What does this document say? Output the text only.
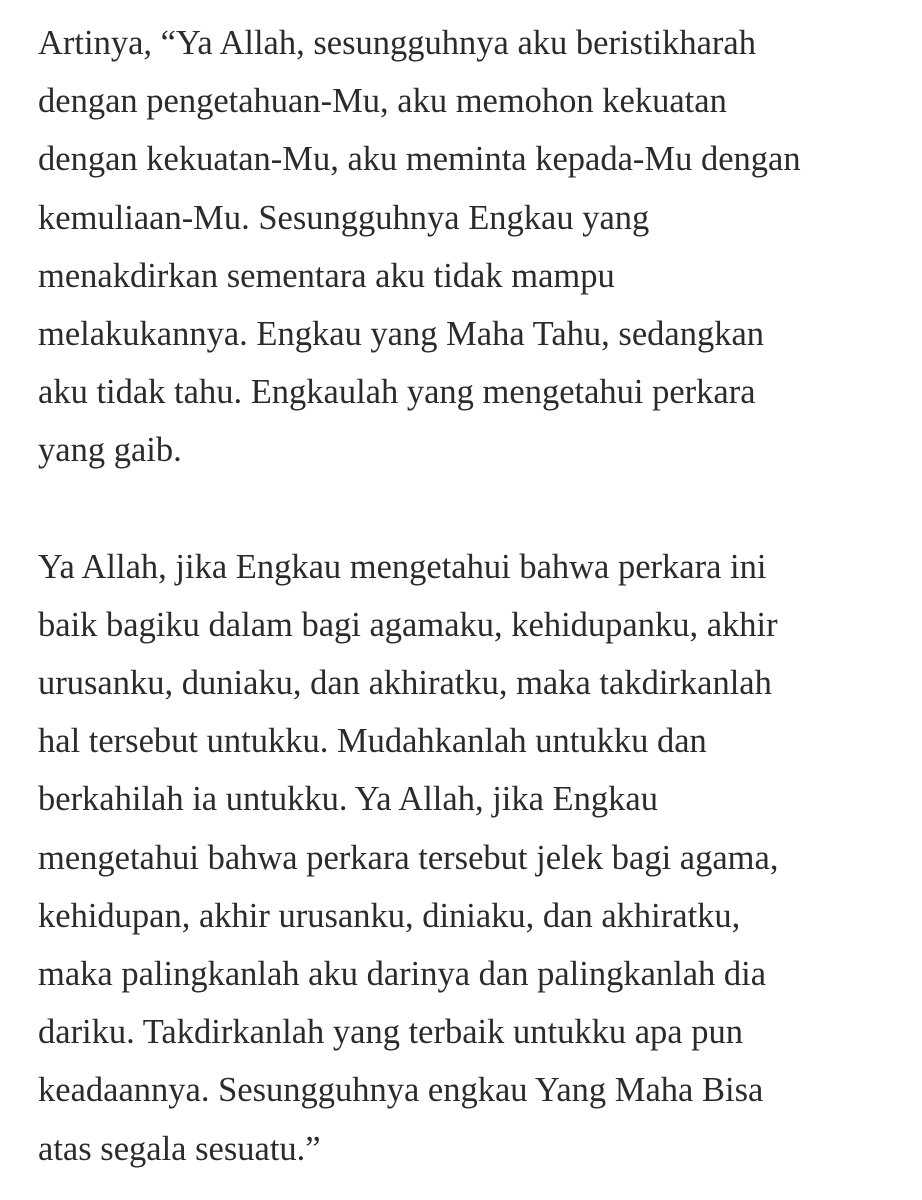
Artinya, “Ya Allah, sesungguhnya aku beristikharah
dengan pengetahuan-Mu, aku memohon kekuatan
dengan kekuatan-Mu, aku meminta kepada-Mu dengan
kemuliaan-Mu. Sesungguhnya Engkau yang
menakdirkan sementara aku tidak mampu
melakukannya. Engkau yang Maha Tahu, sedangkan
aku tidak tahu. Engkaulah yang mengetahui perkara
yang gaib.

Ya Allah, jika Engkau mengetahui bahwa perkara ini
baik bagiku dalam bagi agamaku, kehidupanku, akhir
urusanku, duniaku, dan akhiratku, maka takdirkanlah
hal tersebut untukku. Mudahkanlah untukku dan
berkahilah ia untukku. Ya Allah, jika Engkau
mengetahui bahwa perkara tersebut jelek bagi agama,
kehidupan, akhir urusanku, diniaku, dan akhiratku,
maka palingkanlah aku darinya dan palingkanlah dia
dariku. Takdirkanlah yang terbaik untukku apa pun
keadaannya. Sesungguhnya engkau Yang Maha Bisa
atas segala sesuatu.”
